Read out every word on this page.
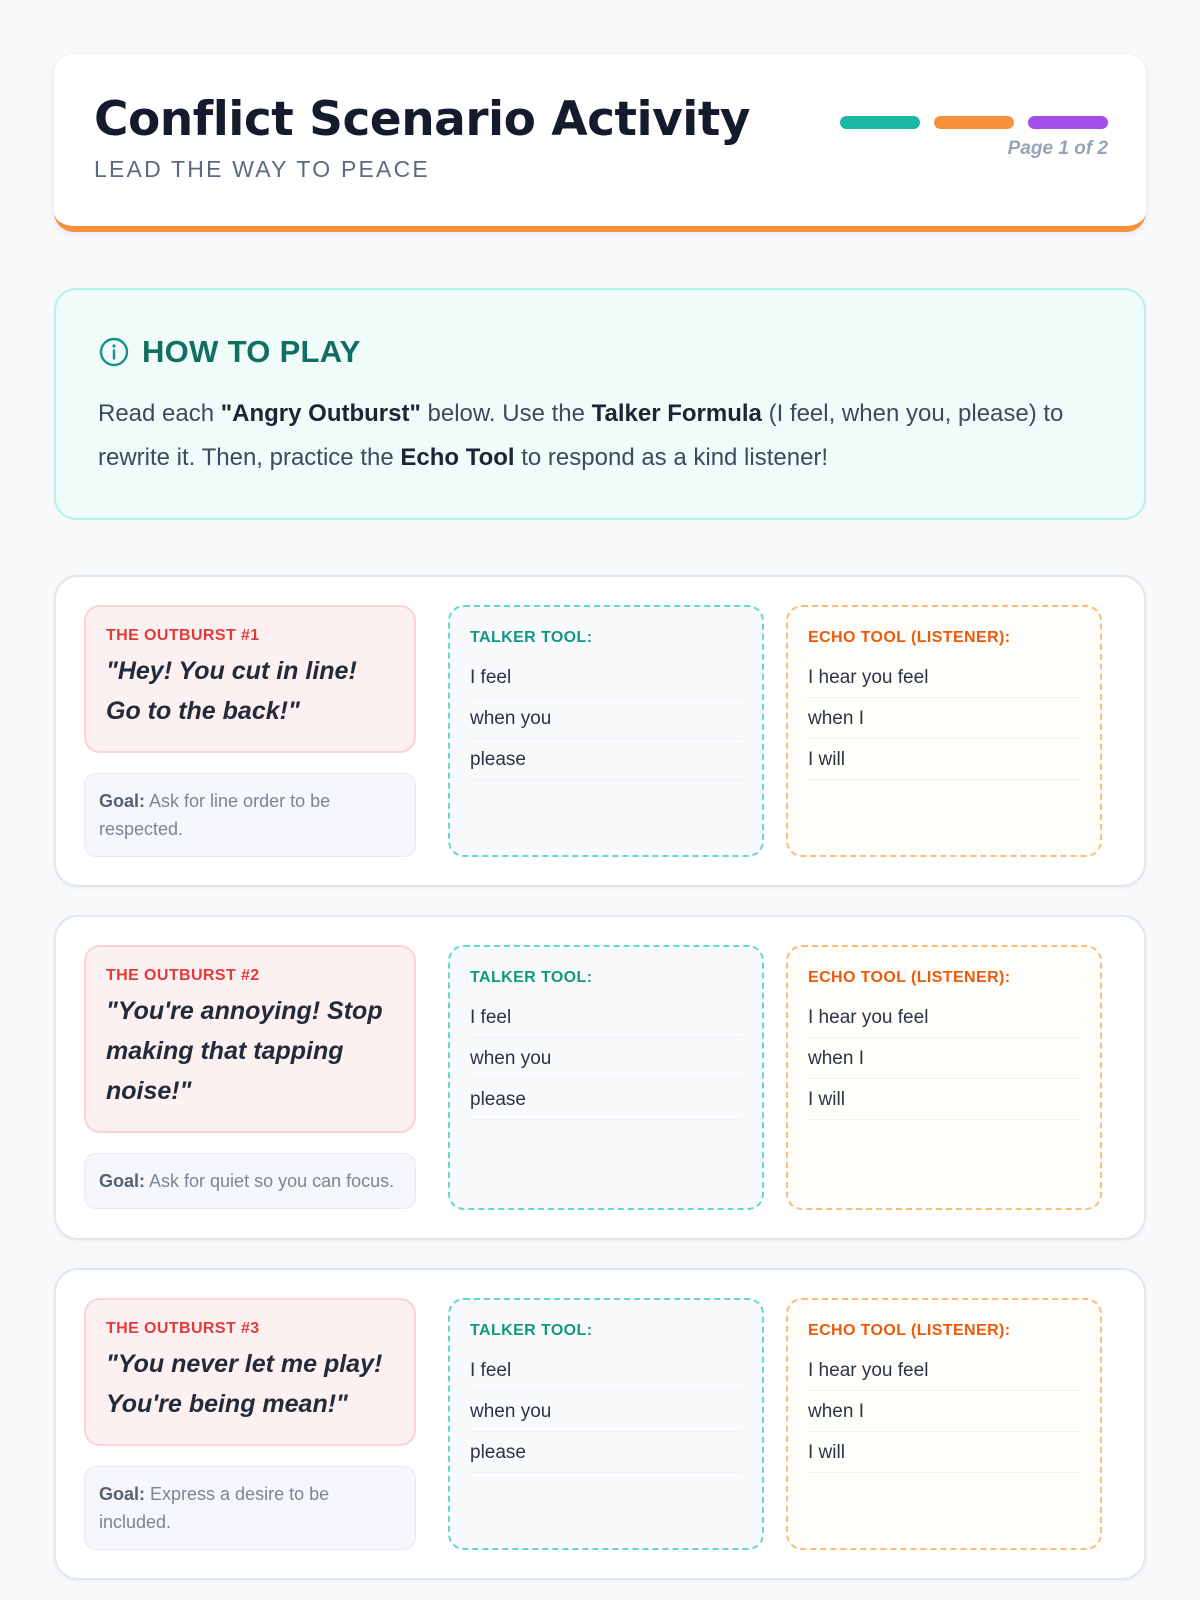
Conflict Scenario Activity
LEAD THE WAY TO PEACE
Page 1 of 2
HOW TO PLAY
Read each "Angry Outburst" below. Use the Talker Formula (I feel, when you, please) to rewrite it. Then, practice the Echo Tool to respond as a kind listener!
THE OUTBURST #1
"Hey! You cut in line! Go to the back!"
Goal: Ask for line order to be respected.
TALKER TOOL:
I feel
when you
please
ECHO TOOL (LISTENER):
I hear you feel
when I
I will
THE OUTBURST #2
"You're annoying! Stop making that tapping noise!"
Goal: Ask for quiet so you can focus.
TALKER TOOL:
I feel
when you
please
ECHO TOOL (LISTENER):
I hear you feel
when I
I will
THE OUTBURST #3
"You never let me play! You're being mean!"
Goal: Express a desire to be included.
TALKER TOOL:
I feel
when you
please
ECHO TOOL (LISTENER):
I hear you feel
when I
I will
